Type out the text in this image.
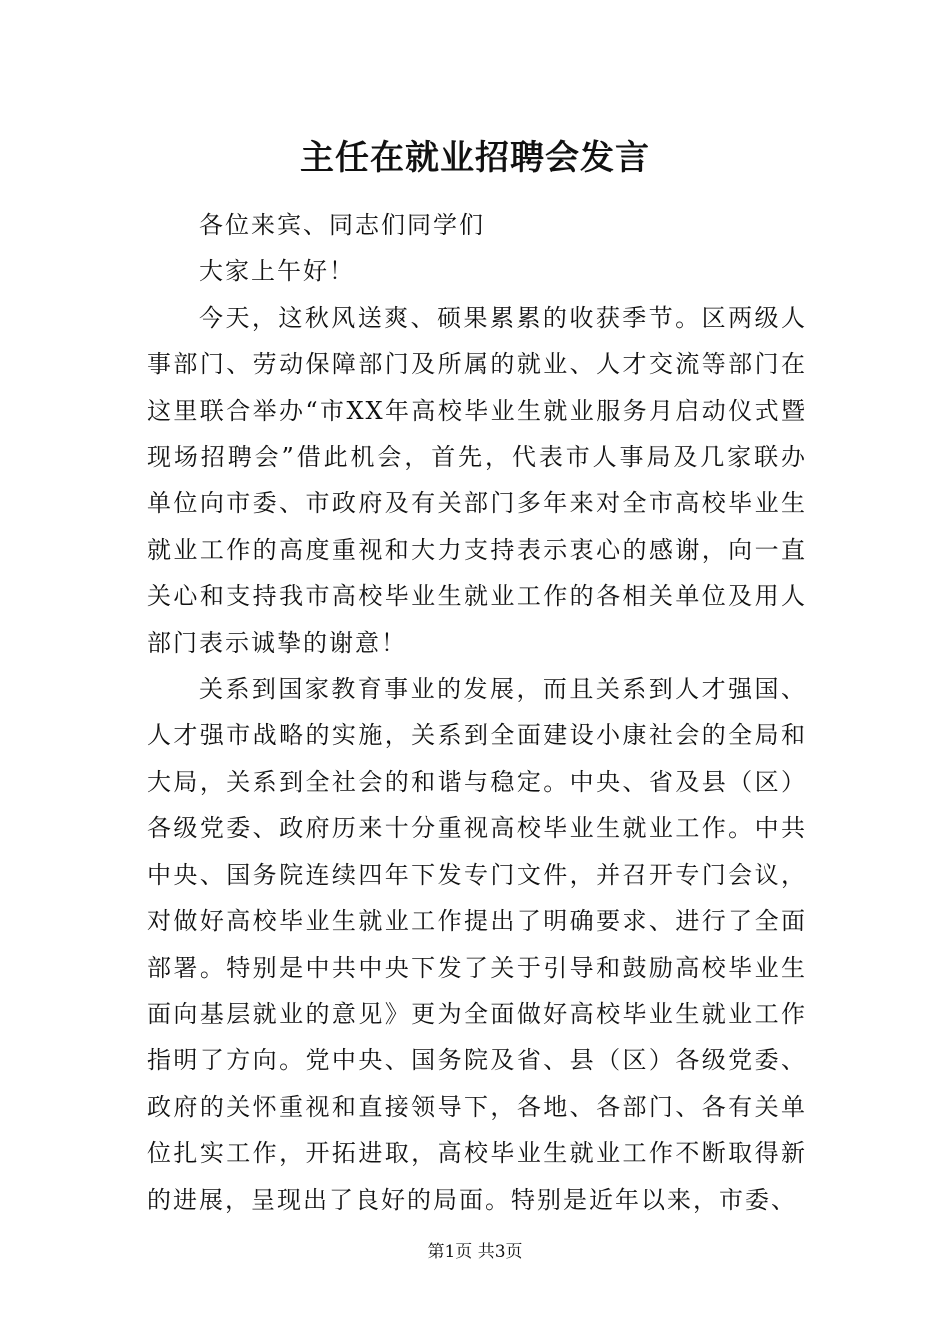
主任在就业招聘会发言

各位来宾、同志们同学们

大家上午好！

今天，这秋风送爽、硕果累累的收获季节。区两级人事部门、劳动保障部门及所属的就业、人才交流等部门在这里联合举办“市XX年高校毕业生就业服务月启动仪式暨现场招聘会”借此机会，首先，代表市人事局及几家联办单位向市委、市政府及有关部门多年来对全市高校毕业生就业工作的高度重视和大力支持表示衷心的感谢，向一直关心和支持我市高校毕业生就业工作的各相关单位及用人部门表示诚挚的谢意！

关系到国家教育事业的发展，而且关系到人才强国、人才强市战略的实施，关系到全面建设小康社会的全局和大局，关系到全社会的和谐与稳定。中央、省及县（区）各级党委、政府历来十分重视高校毕业生就业工作。中共中央、国务院连续四年下发专门文件，并召开专门会议，对做好高校毕业生就业工作提出了明确要求、进行了全面部署。特别是中共中央下发了关于引导和鼓励高校毕业生面向基层就业的意见》更为全面做好高校毕业生就业工作指明了方向。党中央、国务院及省、县（区）各级党委、政府的关怀重视和直接领导下，各地、各部门、各有关单位扎实工作，开拓进取，高校毕业生就业工作不断取得新的进展，呈现出了良好的局面。特别是近年以来，市委、

第1页 共3页
